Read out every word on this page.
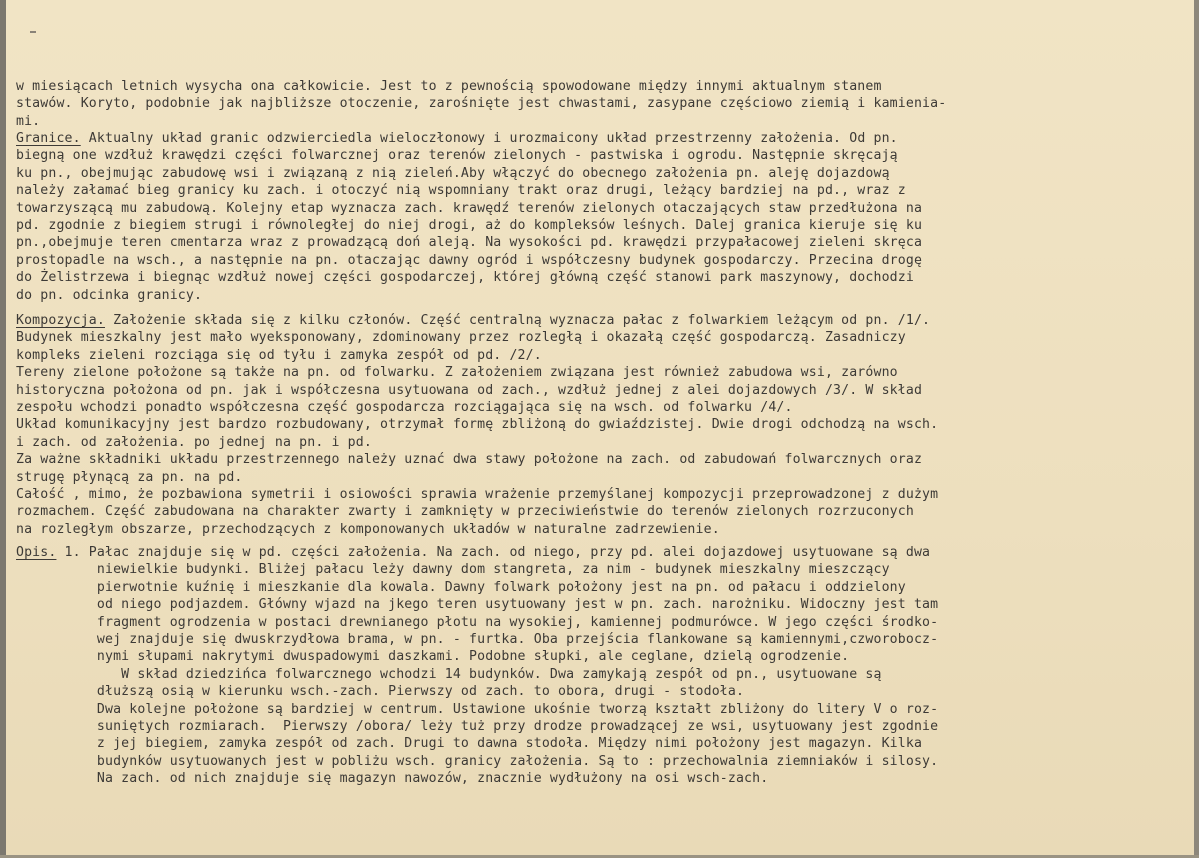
w miesiącach letnich wysycha ona całkowicie. Jest to z pewnością spowodowane między innymi aktualnym stanem
stawów. Koryto, podobnie jak najbliższe otoczenie, zarośnięte jest chwastami, zasypane częściowo ziemią i kamienia-
mi.
Granice. Aktualny układ granic odzwierciedla wieloczłonowy i urozmaicony układ przestrzenny założenia. Od pn.
biegną one wzdłuż krawędzi części folwarcznej oraz terenów zielonych - pastwiska i ogrodu. Następnie skręcają
ku pn., obejmując zabudowę wsi i związaną z nią zieleń.Aby włączyć do obecnego założenia pn. aleję dojazdową
należy załamać bieg granicy ku zach. i otoczyć nią wspomniany trakt oraz drugi, leżący bardziej na pd., wraz z
towarzyszącą mu zabudową. Kolejny etap wyznacza zach. krawędź terenów zielonych otaczających staw przedłużona na
pd. zgodnie z biegiem strugi i równoległej do niej drogi, aż do kompleksów leśnych. Dalej granica kieruje się ku
pn.,obejmuje teren cmentarza wraz z prowadzącą doń aleją. Na wysokości pd. krawędzi przypałacowej zieleni skręca
prostopadle na wsch., a następnie na pn. otaczając dawny ogród i współczesny budynek gospodarczy. Przecina drogę
do Żelistrzewa i biegnąc wzdłuż nowej części gospodarczej, której główną część stanowi park maszynowy, dochodzi
do pn. odcinka granicy.
Kompozycja. Założenie składa się z kilku członów. Część centralną wyznacza pałac z folwarkiem leżącym od pn. /1/.
Budynek mieszkalny jest mało wyeksponowany, zdominowany przez rozległą i okazałą część gospodarczą. Zasadniczy
kompleks zieleni rozciąga się od tyłu i zamyka zespół od pd. /2/.
Tereny zielone położone są także na pn. od folwarku. Z założeniem związana jest również zabudowa wsi, zarówno
historyczna położona od pn. jak i współczesna usytuowana od zach., wzdłuż jednej z alei dojazdowych /3/. W skład
zespołu wchodzi ponadto współczesna część gospodarcza rozciągająca się na wsch. od folwarku /4/.
Układ komunikacyjny jest bardzo rozbudowany, otrzymał formę zbliżoną do gwiaździstej. Dwie drogi odchodzą na wsch.
i zach. od założenia. po jednej na pn. i pd.
Za ważne składniki układu przestrzennego należy uznać dwa stawy położone na zach. od zabudowań folwarcznych oraz
strugę płynącą za pn. na pd.
Całość , mimo, że pozbawiona symetrii i osiowości sprawia wrażenie przemyślanej kompozycji przeprowadzonej z dużym
rozmachem. Część zabudowana na charakter zwarty i zamknięty w przeciwieństwie do terenów zielonych rozrzuconych
na rozległym obszarze, przechodzących z komponowanych układów w naturalne zadrzewienie.
Opis. 1. Pałac znajduje się w pd. części założenia. Na zach. od niego, przy pd. alei dojazdowej usytuowane są dwa
niewielkie budynki. Bliżej pałacu leży dawny dom stangreta, za nim - budynek mieszkalny mieszczący
pierwotnie kuźnię i mieszkanie dla kowala. Dawny folwark położony jest na pn. od pałacu i oddzielony
od niego podjazdem. Główny wjazd na jkego teren usytuowany jest w pn. zach. narożniku. Widoczny jest tam
fragment ogrodzenia w postaci drewnianego płotu na wysokiej, kamiennej podmurówce. W jego części środko-
wej znajduje się dwuskrzydłowa brama, w pn. - furtka. Oba przejścia flankowane są kamiennymi,czworobocz-
nymi słupami nakrytymi dwuspadowymi daszkami. Podobne słupki, ale ceglane, dzielą ogrodzenie.
W skład dziedzińca folwarcznego wchodzi 14 budynków. Dwa zamykają zespół od pn., usytuowane są
dłuższą osią w kierunku wsch.-zach. Pierwszy od zach. to obora, drugi - stodoła.
Dwa kolejne położone są bardziej w centrum. Ustawione ukośnie tworzą kształt zbliżony do litery V o roz-
suniętych rozmiarach.  Pierwszy /obora/ leży tuż przy drodze prowadzącej ze wsi, usytuowany jest zgodnie
z jej biegiem, zamyka zespół od zach. Drugi to dawna stodoła. Między nimi położony jest magazyn. Kilka
budynków usytuowanych jest w pobliżu wsch. granicy założenia. Są to : przechowalnia ziemniaków i silosy.
Na zach. od nich znajduje się magazyn nawozów, znacznie wydłużony na osi wsch-zach.
